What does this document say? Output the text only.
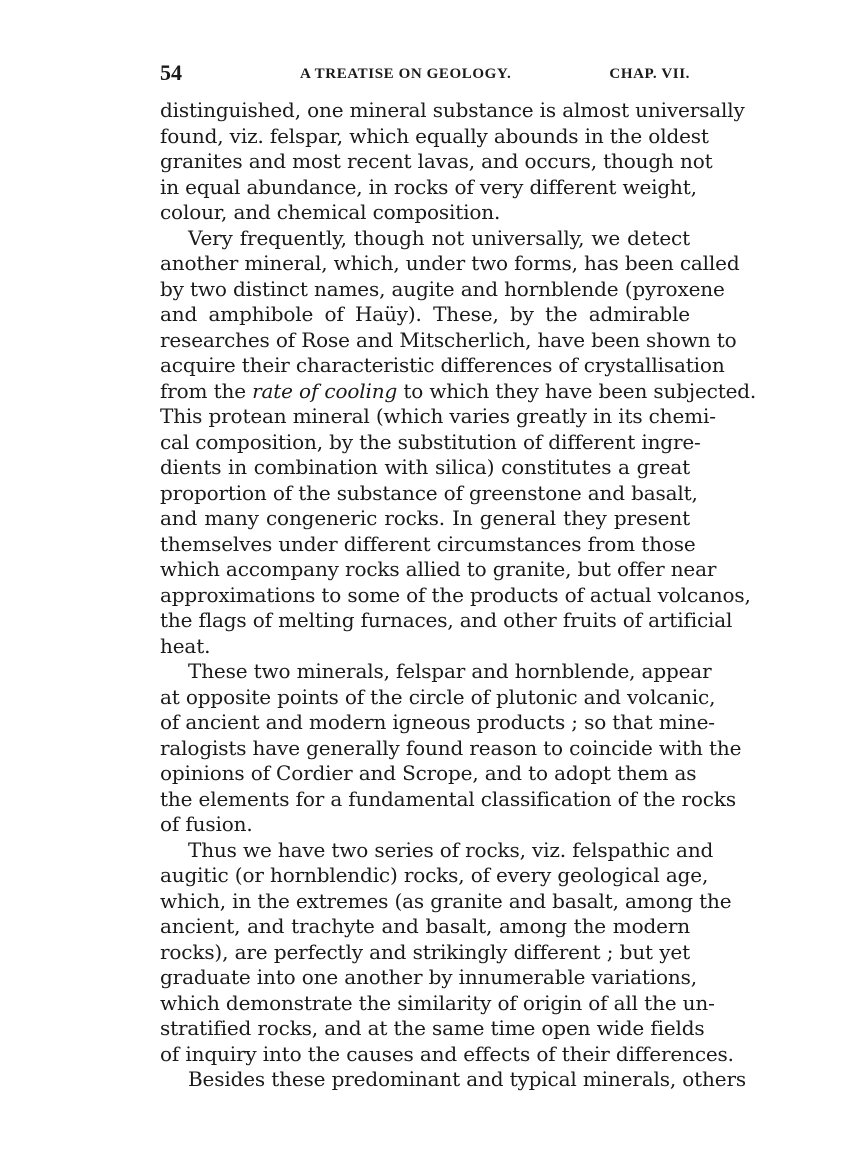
54	A TREATISE ON GEOLOGY.	CHAP. VII.

distinguished, one mineral substance is almost universally
found, viz. felspar, which equally abounds in the oldest
granites and most recent lavas, and occurs, though not
in equal abundance, in rocks of very different weight,
colour, and chemical composition.

Very frequently, though not universally, we detect
another mineral, which, under two forms, has been called
by two distinct names, augite and hornblende (pyroxene
and amphibole of Haüy). These, by the admirable
researches of Rose and Mitscherlich, have been shown to
acquire their characteristic differences of crystallisation
from the rate of cooling to which they have been subjected.
This protean mineral (which varies greatly in its chemi-
cal composition, by the substitution of different ingre-
dients in combination with silica) constitutes a great
proportion of the substance of greenstone and basalt,
and many congeneric rocks. In general they present
themselves under different circumstances from those
which accompany rocks allied to granite, but offer near
approximations to some of the products of actual volcanos,
the flags of melting furnaces, and other fruits of artificial
heat.

These two minerals, felspar and hornblende, appear
at opposite points of the circle of plutonic and volcanic,
of ancient and modern igneous products ; so that mine-
ralogists have generally found reason to coincide with the
opinions of Cordier and Scrope, and to adopt them as
the elements for a fundamental classification of the rocks
of fusion.

Thus we have two series of rocks, viz. felspathic and
augitic (or hornblendic) rocks, of every geological age,
which, in the extremes (as granite and basalt, among the
ancient, and trachyte and basalt, among the modern
rocks), are perfectly and strikingly different ; but yet
graduate into one another by innumerable variations,
which demonstrate the similarity of origin of all the un-
stratified rocks, and at the same time open wide fields
of inquiry into the causes and effects of their differences.

Besides these predominant and typical minerals, others
